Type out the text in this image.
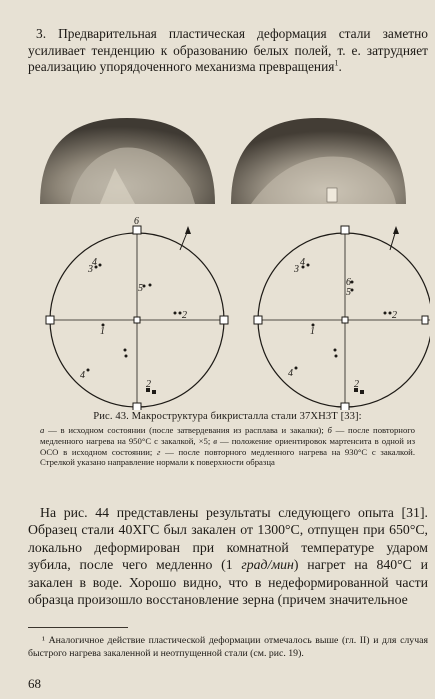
3. Предварительная пластическая деформация стали заметно усиливает тенденцию к образованию белых полей, т. е. затрудняет реализацию упорядоченного механизма превращения$^1$.

3
4
6
5
2
1
2
4
3
4
6
5
2
1
2
4
Рис. 43. Макроструктура бикристалла стали 37ХН3Т [33]:
а — в исходном состоянии (после затвердевания из расплава и закалки); б — после повторного медленного нагрева на 950°C с закалкой, ×5; в — положение ориентировок мартенсита в одной из ОСО в исходном состоянии; г — после повторного медленного нагрева на 930°C с закалкой. Стрелкой указано направление нормали к поверхности образца

На рис. 44 представлены результаты следующего опыта [31]. Образец стали 40ХГС был закален от 1300°C, отпущен при 650°C, локально деформирован при комнатной температуре ударом зубила, после чего медленно (1 град/мин) нагрет на 840°C и закален в воде. Хорошо видно, что в недеформированной части образца произошло восстановление зерна (причем значительное

¹ Аналогичное действие пластической деформации отмечалось выше (гл. II) и для случая быстрого нагрева закаленной и неотпущенной стали (см. рис. 19).
68
